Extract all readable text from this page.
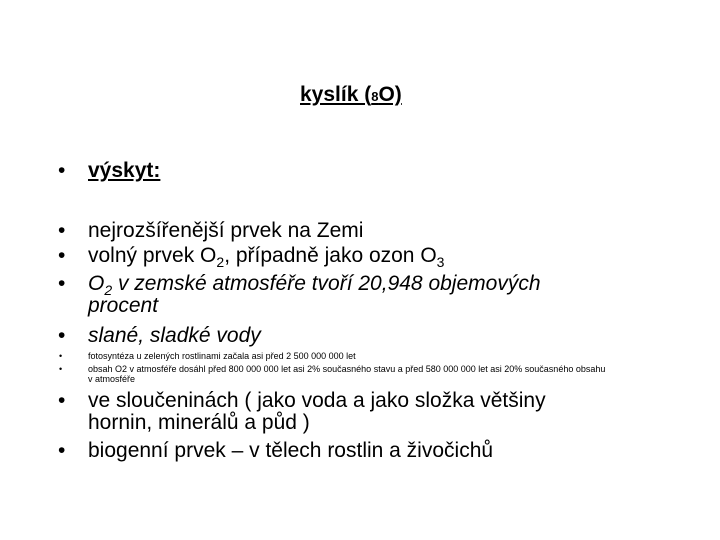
kyslík (8O)
• výskyt:
• nejrozšířenější prvek na Zemi
• volný prvek $O_2$, případně jako ozon $O_3$
• $O_2$ v zemské atmosféře tvoří 20,948 objemových
procent
• slané, sladké vody
•	fotosyntéza u zelených rostlinami začala asi před 2 500 000 000 let
•	obsah O2 v atmosféře dosáhl před 800 000 000 let asi 2% současného stavu a před 580 000 000 let asi 20% současného obsahu
v atmosféře
• ve sloučeninách ( jako voda a jako složka většiny
hornin, minerálů a půd )
• biogenní prvek – v tělech rostlin a živočichů
